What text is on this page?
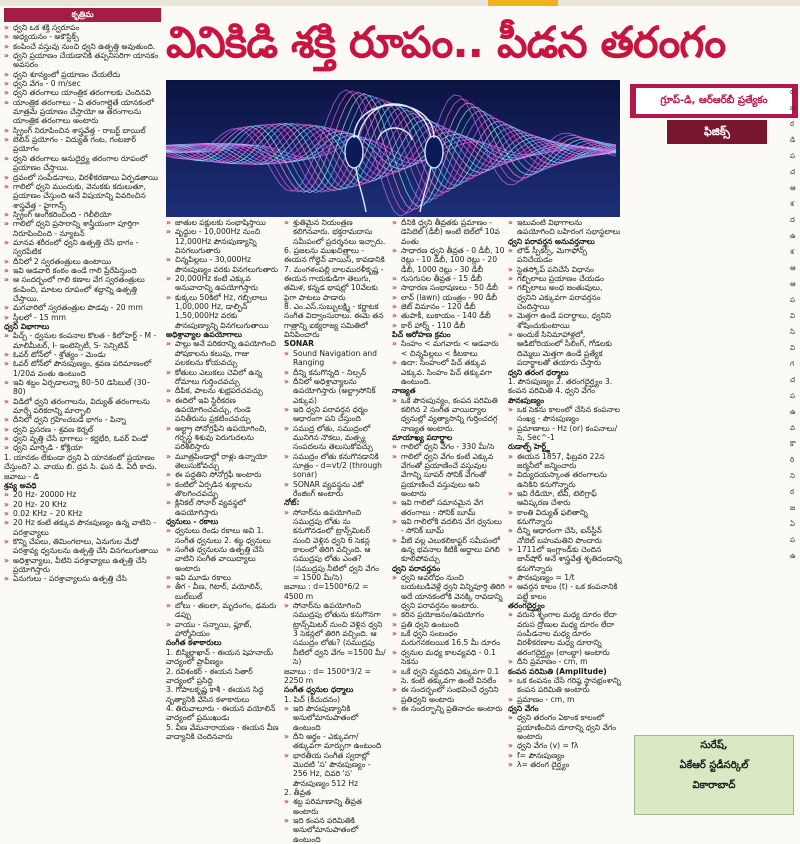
కృత్రిమ
» ధ్వని ఒక శక్తి స్వరూపం
» అధ్యయనం - అకౌస్టిక్స్‌
» కంపించే వస్తువు నుంచి ధ్వని ఉత్పత్తి అవుతుంది.
» ధ్వని ప్రయాణం చేయడానికి తప్పనిసరిగా యానకం అవసరం
» ధ్వని శూన్యంలో ప్రయాణం చేయలేదు
» ధ్వని వేగం - 0 m/sec
» ధ్వని తరంగాలు యాంత్రిక తరంగాలకు చెందినవి
» యాంత్రిక తరంగాలు - ఏ తరంగాల్లైతే యానకంలో మాత్రమే ప్రయాణం చేస్తాయో ఆ తరంగాలను యాంత్రిక తరంగాలు అంటారు
» స్ప్రింగ్‌ నిరూపించిన శాస్త్రవేత్త - రాబర్ట్‌ బాయిల్‌
» బెలిన్‌ ప్రయోగం - విద్యుత్‌ గంట, గంటజార్‌ ప్రయోగం
» ధ్వని తరంగాలు అనుదైర్ఘ్య తరంగాల రూపంలో ప్రయాణం చేస్తాయి.
» ద్రవంలో సంపీడనాలు, విరళీకరణాలు ఏర్పడతాయి
» గాలిలో ధ్వని ముందుకు, వెనుకకు కదులుతూ, ప్రయాణం చేస్తుంది అనే విషయాన్ని వివరించిన శాస్త్రవేత్త - హైగాన్స్‌
» స్ప్రింగ్‌ అంగీకరించింది - గెలీలియో
» గాలిలో ధ్వని ప్రసారాన్ని శాస్త్రీయంగా పూర్తిగా నిరూపించింది - న్యూటన్‌
» మానవ శరీరంలో ధ్వని ఉత్పత్తి చేసే భాగం - స్వరపేటిక
» దీనిలో 2 స్వరతంత్రులు ఉంటాయి
» ఇవి ఆడవారి కంఠం ఉండే గాలి ప్రేరేపిస్తుంది
» ఆ సందర్భంలో గాలి కణాల వేగ స్వరతంత్రులు కంపించి, మాటల రూపంలో శబ్దాన్ని ఉత్పత్తి చేస్తాయి.
» మగవారిలో స్వరతంత్రుల పొడవు - 20 mm
» స్త్రీలలో - 15 mm
ధ్వని విభాగాలు
» పిచ్చ్‌ - ధ్వనుల కంపనాల కొలత - కిలోహెర్ట్‌ - M - మాలిమీటర్‌, I- ఇంటెన్సిటీ, S- సెన్సిటివ్‌
» ఓవర్‌ టోన్‌లో - శ్రోత్యం - మెండు
» ఓవర్‌ టోన్‌లో పౌనఃపుణ్యం, శ్రవణ పరిమాణంలో 1/20వ వంతు ఉంటుంది
» ఇవి శబ్దం ఏర్పడాలన్నా 80–50 డెసిబుల్‌ (30–80)
» విడిలో ధ్వని తరంగాలను, విద్యుత్‌ తరంగాలను మార్చే పరికరాన్ని మార్చాలి
» దీనిలో ధ్వని గ్రహించబడే భాగం - పిన్నా
» ధ్వని ప్రసరణ - శ్రవణ కెర్నల్‌
» ధ్వని వృత్తి చేసే భాగాలు - కర్ణభేరి, ఓవర్‌ విండో
» ధ్వని మార్పిడి - కోక్లియా
1. యానకం లేకుండా ధ్వని ఏ యానకంలో ప్రయాణం చేస్తుంది? ఎ. వాయు బి. ద్రవ సి. ఘన డి. ఏదీ కాదు. జవాబు - డి
శ్రవ్య అవధి
» 20 Hz- 20000 Hz
» 20 Hz- 20 KHz
» 0.02 KHz – 20 KHz
» 20 Hz కంటే తక్కువ పౌనఃపుణ్యం ఉన్న వాటిని - పరశ్రావ్యాలు
» కొన్ని చేపలు, తిమింగలాలు, ఏనుగుల మేధో పరశ్రావ్య ధ్వనులను ఉత్పత్తి చేసి వినగలుగుతాయి
» అధిశ్రావ్యాలు, వీటిని పరశ్రావ్యాలు ఉత్పత్తి చేసి ప్రయోగిస్తారు
» ఏనుగులు - పరశ్రావ్యాలను ఉత్పత్తి చేసి
వినికిడి శక్తి రూపం.. పీడన తరంగం
గ్రూప్‌-డి, ఆర్‌ఆర్‌బీ ప్రత్యేకం
ఫిజిక్స్‌
» జాతుల పక్షులకు సంభాషిస్తాయి
» వృద్ధుల - 10,000Hz నుంచి 12,000Hz పౌనఃపుణ్యాన్ని వినగలుగుతారు
» చిన్నపిల్లలు - 30,000Hz పౌనఃపుణ్యం వరకు వినగలుగుతారు
» 20,000Hz కంటే ఎక్కువ అనువాదాన్ని ఉపయోగిస్తారు
» కుక్కలు 50కిలో Hz, గబ్బిలాలు 1,00,000 Hz, డాల్ఫిన్‌ 1,50,000Hz వరకు పౌనఃపుణ్యాన్ని వినగలుగుతాయి
అధిశ్రావ్యాల ఉపయోగాలు
» పాల్లు అనే పరికరాన్ని ఉపయోగించి పోషకాలను కలుపు, గాజు పలకలను కోయవచ్చు
» కోతులు ఎలుకలు చెవిలో ఉన్న రోమాలు గుర్తించవచ్చు
» దీపిక, పాలను శుభ్రపరచవచ్చు
» ఈదిలో ఇవి స్థిరీకరణ ఉపయోగించవచ్చు, గుండె పనితీరును ప్రకటించవచ్చు
» అల్ట్రా సోనోగ్రఫీని ఉపయోగించి, గర్భస్థ శిశువు పెరుగుదలను పరిశీలిస్తారు
» మూత్రపిండాల్లో రాళ్లు ఉన్నాయో తెలుసుకోవచ్చు
» ఈ పద్ధతిని సోనోగ్రఫీ అంటారు
» కంటిలో ఏర్పడిన శుక్లాలను తొలగించవచ్చు
» క్లినికల్‌ సోనార్‌ వ్యవస్థలో ఉపయోగిస్తారు
ధ్వనులు - రకాలు
» ధ్వనులు రెండు రకాలు అవి 1. సంగీత ధ్వనులు 2. శబ్ద ధ్వనులు
» సంగీత ధ్వనులను ఉత్పత్తి చేసే వాటిని సంగీత వాయిద్యాలు అంటారు
» ఇవి మూడు రకాలు
» తీగ - వీణ, గిటార్‌, వయోలిన్‌, బుల్‌బుల్‌
» బోలు - తబలా, మృదంగం, ఢమరు డప్పు
» వాయు - సన్నాయి, ఫ్లూట్‌, హార్మోనియం
సంగీత కళాకారులు
1. బిస్మిల్లాఖాన్‌ - ఈయన షెహనాయ్‌ వాద్యంలో ప్రావీణ్యం
2. రవిశంకర్‌ - ఈయన సితార్‌ వాద్యంలో ప్రసిద్ధి
3. గోపాలకృష్ణ కాశీ - ఈయన సిద్ధ నృత్యానికి వేసిన కళాకారులు
4. తిరువాలూరు - ఈయన వయోలిన్‌ వాద్యంలో ప్రముఖుడు
5. వీణ వేమనారాయణ - ఈయన వీణ వాద్యానికి చెందినవారు
» శ్రుతిమైన నియంత్రణ కలిగినవారు. భక్తరామదాసు సమీపంలో ప్రదర్శనలు ఇచ్చారు.
6. ప్రజలను ముఖచిత్రాలు - ఈయన గోల్డెన్‌ వాయిస్‌, కావడానికి
7. మంగళంపల్లి బాలమురళీకృష్ణ - ఈయన గాయకుడిగా తెలుగు, తమిళ, కన్నడ భాషల్లో 10వేలకు పైగా పాటలు పాడారు
8. ఎం.ఎస్‌.సుబ్బులక్ష్మి - కర్ణాటక సంగీత విద్వాంసురాలు. ఈమె తన గాత్రాన్ని ఐక్యరాజ్య సమితిలో వినిపించారు
SONAR
» Sound Navigation and Ranging
» దీన్ని కనుగొన్నది - నిల్సన్‌
» దీనిలో అధిశ్రావ్యాలను ఉపయోగిస్తారు (అల్ట్రాసోనిక్‌ ఎక్కువ)
» ఇది ధ్వని పరావర్తన ధర్మం ఆధారంగా పని చేస్తుంది
» సముద్ర లోతు, సముద్రంలో మునిగిన నౌకలు, మత్స్య సంపదలను తెలుసుకోవచ్చు
» సముద్రం లోతు కనుగొనడానికి సూత్రం - d=vt/2 (through sonar)
» SONAR వ్యవస్థను ఎకో రేంజింగ్‌ అంటారు
నోట్‌:
» సోనార్‌ను ఉపయోగించి సముద్రపు లోతు ను కనుగొనడంలో ట్రాన్స్‌మిటర్‌ నుంచి వెళ్లిన ధ్వని 6 సెకన్ల కాలంలో తిరిగి వచ్చింది. ఆ సముద్రపు లోతు ఎంత? (సముద్రపు నీటిలో ధ్వని వేగం = 1500 మీ/సె)
జవాబు : d=1500*6/2 = 4500 m
» సోనార్‌ను ఉపయోగించి సముద్రపు లోతును కనుగొనగా ట్రాన్స్‌మిటర్‌ నుంచి వెళ్లిన ధ్వని 3 సెకన్లలో తిరిగి వచ్చింది. ఆ సముద్రం లోతు? (సముద్రపు నీటిలో ధ్వని వేగం =1500 మీ/సె)
జవాబు : d= 1500*3/2 = 2250 m
సంగీత ధ్వనుల ధర్మాలు
1. పిచ్‌ (కీచుదనం)
» ఇది పౌనఃపుణ్యానికి అనులోమానుపాతంలో ఉంటుంది
» దీని అర్థం - ఎక్కువగా/తక్కువగా మార్పుగా ఉంటుంది
» భారతీయ సంగీత స్వరాల్లో మొదటి 'స' పౌనఃపుణ్యం - 256 Hz, చివరి 'స' పౌనఃపుణ్యం 512 Hz
2. తీవ్రత
» శబ్ద పరిమాణాన్ని తీవ్రత అంటారు
» ఇది కంపన పరిమితికి అనులోమానుపాతంలో ఉంటుంది
» దీనికి ధ్వని తీవ్రతకు ప్రమాణం - డెసిబెల్‌ (డీబీ) అంటే బెల్‌లో 10వ వంతు
» సాధారణ ధ్వని తీవ్రత - 0 డీబీ, 10 రెట్లు - 10 డీబీ, 100 రెట్లు - 20 డీబీ, 1000 రెట్లు - 30 డీబీ
» గుసగుసల తీవ్రత - 15 డీబీ
» సాధారణ సంభాషణలు - 50 డీబీ
» లాన్‌ (lawn) యంత్రం - 90 డీబీ
» జెట్‌ విమానం - 120 డీబీ
» తుపాకీ, బుకాయం - 140 డీబీ
» కార్‌ హార్న్‌ - 110 డీబీ
పిచ్‌ ఆరోహణ క్రమం
» సింహం < మగవారు < ఆడవారు < చిన్నపిల్లలు < కీటకాలు
» ఉదా: సింహంలో పిచ్‌ తక్కువ ఎక్కువ. సింహం పిచ్‌ తక్కువగా ఉంటుంది.
నాణ్యత
» ఒకే పౌనఃపున్యం, కంపన పరిమితి కలిగిన 2 సంగీత వాయిద్యాల ధ్వనుల్లో వ్యత్యాసాన్ని గుర్తించదగ్గ నాణ్యత అంటారు.
మాయాఖ్య పదార్థాల
» గాలిలో ధ్వని వేగం - 330 మీ/సె
» గాలిలో ధ్వని వేగం కంటే ఎక్కువ వేగంతో ప్రయాణించే వస్తువుల వేగాన్ని సూపర్‌ సోనిక్‌ వేగంతో ప్రయాణించే వస్తువులు అని అంటారు
» ఇవి గాలిలో సమానమైన వేగ తరంగాలు - సోనిక్‌ బూమ్‌
» ఇవి గాలిలోకి వదలిన వేగ ధ్వనులు - సోనిక్‌ బూమ్‌
» వీటి వల్ల ఎలుకలికాప్టర్‌ సమీపంలో ఉన్న భవనాల కిటికీ అద్దాలు పగిలి కూలిపోవచ్చు
ధ్వని పరావర్తనం
» ధ్వని అవరోధం నుంచి బయటుడివెళ్లే ధ్వని విన్నిపూర్తి తిరిగి అదే యానకంలోకి వెనక్కి రావడాన్ని ధ్వని పరావర్తనం అంటారు.
» కరిన ప్రయోజనం/ఉపయోగం
» ప్రతి ధ్వని ఉంటుంది
» ఒకే ధ్వని సంబంధం మరుగనకలయిక 16.5 మీ దూరం
» ధ్వనుల మధ్య కాలవ్యవధి - 0.1 సెకను
» ఒకే ధ్వని వ్యవధిని ఎక్కువగా 0.1 సె. కంటే తక్కువగా ఉంటే వినలేం
» ఈ సందర్భంలో సంభవించే ధ్వనిని ప్రతిధ్వని అంటారు
» ఈ సందర్భాన్ని ప్రతినాదం అంటారు
» ఇటువంటి విభాగాలను ఉపయోగించి బహిరంగ సభాస్థలాలు
ధ్వని పరావర్తన అనువర్తనాలు
» లౌడ్‌ స్పీకర్స్‌, మెగాఫోన్స్‌ పనిచేయడం
» స్టెతస్కోప్‌ పనిచేసే విధానం
» గబ్బిలాలు ప్రయాణం చేయడం
» గబ్బిలాలు అంధ జంతువులు, ధ్వనిని ఎక్కువగా పరావర్తనం చెందిస్తాయి
» మెత్తగా ఉండే పదార్థాలు, ధ్వనిని శోషించుకుంటాయి
» అందుకే సినిమాహాళ్లలో, ఆడిటోరియంలో సీలింగ్‌, గోడలకు దిమ్మెలు మెత్తగా ఉండే ప్రత్యేక పదార్థాలతో తయారు చేస్తారు
ధ్వని తరంగ ధర్మాలు
1. పౌనఃపుణ్యం 2. తరంగదైర్ఘ్యం 3. కంపన పరిమితి 4. ధ్వని వేగం
పౌనఃపుణ్యం
» ఒక సెకను కాలంలో చేసిన కంపనాల సంఖ్య - పౌనఃపుణ్యం
» ప్రమాణాలు - Hz (or) కంపనాలు/సె, Sec^-1
రుడాల్ఫ్‌ హెర్ట్జ్‌
» ఈయన 1857, ఫిబ్రవరి 22న జర్మనీలో జన్మించారు
» విద్యుదయస్కాంత తరంగాలను ఉనికిని కనుగొన్నారు
» ఇవి రేడియో, టీవీ, టెలిగ్రాఫ్‌ ఆవిష్కరణ చేశారు
» కాంతి విద్యుత్‌ ఫలితాన్ని కనుగొన్నారు
» దీన్ని ఆధారంగా చేసి, ఐన్‌స్టీన్‌ నోబెల్‌ బహుమతిని పొందారు
» 1711లో ఇంగ్లాండ్‌కు చెందిన జాన్‌షోర్‌ అనే శాస్త్రవేత్త శృతిదండాన్ని కనుగొన్నారు
» పౌనఃపుణ్యం = 1/t
» ఆవర్తన కాలం (t) - ఒక కంపనానికి పట్టే కాలం
తరంగదైర్ఘ్యం
» వరుస శృంగాల మధ్య దూరం లేదా వరుస ద్రోణుల మధ్య దూరం లేదా సంపీడనాల మధ్య దూరం విరళీకరణాల మధ్య దూరాన్ని తరంగదైర్ఘ్యం (లాంబ్డా) అంటారు
» దీని ప్రమాణం - cm, m
కంపన పరిమితి (Amplitude)
» ఒక కంపనం చేసే గరిష్ఠ స్థానభ్రంశాన్ని కంపన పరిమితి అంటారు
» ప్రమాణం - cm, m
ధ్వని వేగం
» ధ్వని తరంగం ఏకాంక కాలంలో ప్రయాణించిన దూరాన్ని ధ్వని వేగం అంటారు
» ధ్వని వేగం (v) = fλ
» f= పౌనఃపుణ్యం
» λ= తరంగ దైర్ఘ్యం
సురేష్‌,
ఏకేఆర్‌ స్టడీసర్కిల్‌
వికారాబాద్‌
ర
జ
ర
డి
ప
చ
ఆ
శ
ద
ఉ
శ
ఆ
ఆ
ప
వి
సి
వి
గ
చ
ప
ఉ
వ
కొ
రి
ని
ర
జ
ఏ
ప
ఉ
